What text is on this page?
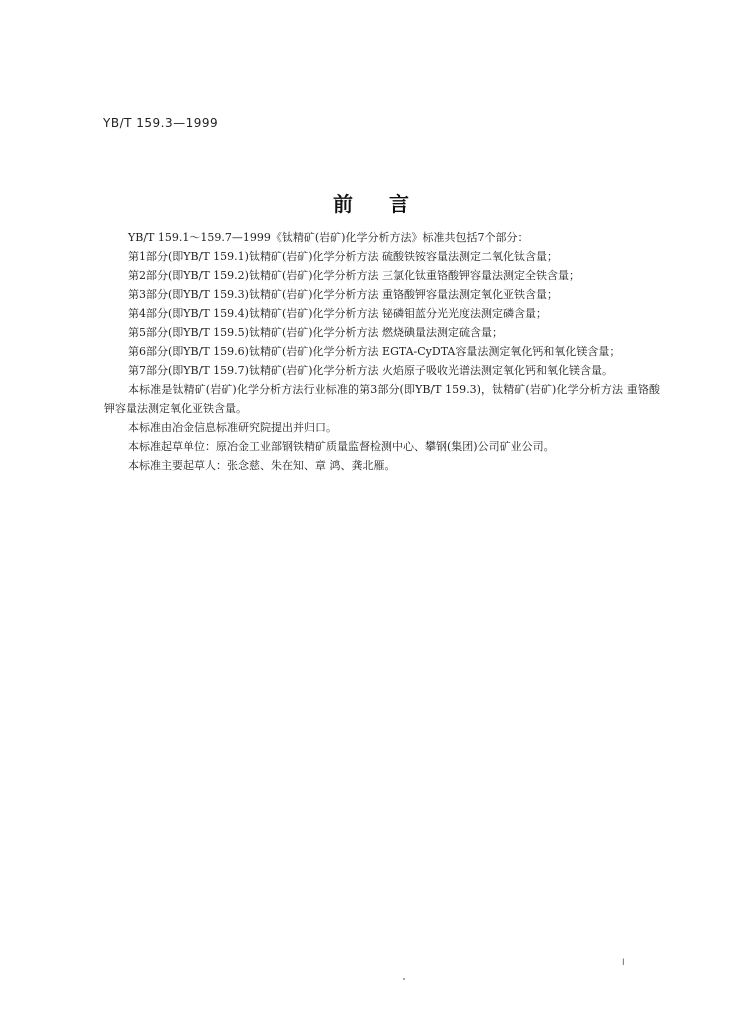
YB/T 159.3—1999
前言

YB/T 159.1～159.7—1999《钛精矿(岩矿)化学分析方法》标准共包括7个部分：

第1部分(即YB/T 159.1)钛精矿(岩矿)化学分析方法 硫酸铁铵容量法测定二氧化钛含量；

第2部分(即YB/T 159.2)钛精矿(岩矿)化学分析方法 三氯化钛重铬酸钾容量法测定全铁含量；

第3部分(即YB/T 159.3)钛精矿(岩矿)化学分析方法 重铬酸钾容量法测定氧化亚铁含量；

第4部分(即YB/T 159.4)钛精矿(岩矿)化学分析方法 铋磷钼蓝分光光度法测定磷含量；

第5部分(即YB/T 159.5)钛精矿(岩矿)化学分析方法 燃烧碘量法测定硫含量；

第6部分(即YB/T 159.6)钛精矿(岩矿)化学分析方法 EGTA-CyDTA容量法测定氧化钙和氧化镁含量；

第7部分(即YB/T 159.7)钛精矿(岩矿)化学分析方法 火焰原子吸收光谱法测定氧化钙和氧化镁含量。

本标准是钛精矿(岩矿)化学分析方法行业标准的第3部分(即YB/T 159.3)，钛精矿(岩矿)化学分析方法 重铬酸钾容量法测定氧化亚铁含量。

本标准由冶金信息标准研究院提出并归口。

本标准起草单位：原冶金工业部钢铁精矿质量监督检测中心、攀钢(集团)公司矿业公司。

本标准主要起草人：张念慈、朱在知、章 鸿、龚北雁。

Ⅰ
